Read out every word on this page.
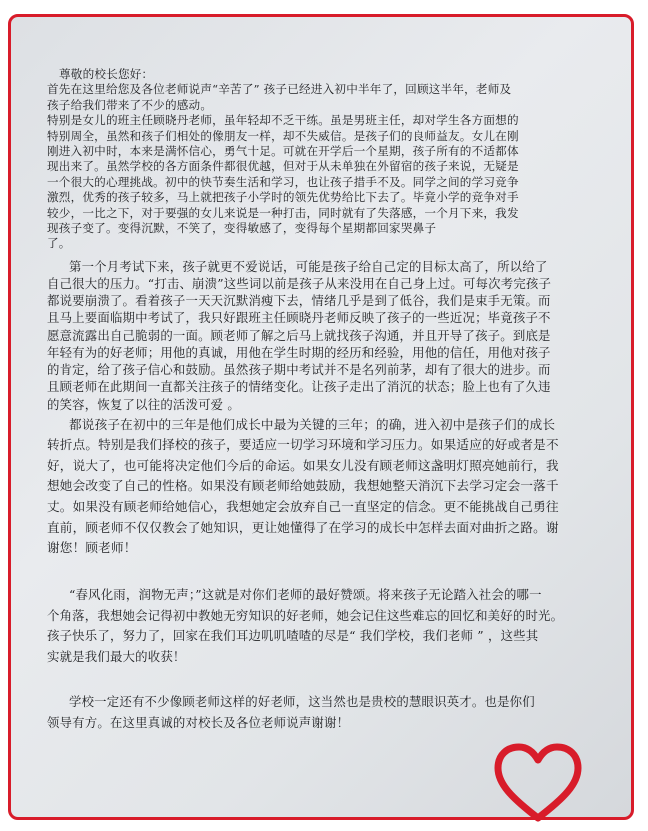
尊敬的校长您好：
首先在这里给您及各位老师说声“辛苦了” 孩子已经进入初中半年了，回顾这半年，老师及
孩子给我们带来了不少的感动。
特别是女儿的班主任顾晓丹老师，虽年轻却不乏干练。虽是男班主任，却对学生各方面想的
特别周全，虽然和孩子们相处的像朋友一样，却不失威信。是孩子们的良师益友。女儿在刚
刚进入初中时，本来是满怀信心，勇气十足。可就在开学后一个星期，孩子所有的不适都体
现出来了。虽然学校的各方面条件都很优越，但对于从未单独在外留宿的孩子来说，无疑是
一个很大的心理挑战。初中的快节奏生活和学习，也让孩子措手不及。同学之间的学习竞争
激烈，优秀的孩子较多，马上就把孩子小学时的领先优势给比下去了。毕竟小学的竞争对手
较少，一比之下，对于要强的女儿来说是一种打击，同时就有了失落感，一个月下来，我发
现孩子变了。变得沉默，不笑了，变得敏感了，变得每个星期都回家哭鼻子
了。
第一个月考试下来，孩子就更不爱说话，可能是孩子给自己定的目标太高了，所以给了
自己很大的压力。“打击、崩溃”这些词以前是孩子从来没用在自己身上过。可每次考完孩子
都说要崩溃了。看着孩子一天天沉默消瘦下去，情绪几乎是到了低谷，我们是束手无策。而
且马上要面临期中考试了，我只好跟班主任顾晓丹老师反映了孩子的一些近况；毕竟孩子不
愿意流露出自己脆弱的一面。顾老师了解之后马上就找孩子沟通，并且开导了孩子。到底是
年轻有为的好老师；用他的真诚，用他在学生时期的经历和经验，用他的信任，用他对孩子
的肯定，给了孩子信心和鼓励。虽然孩子期中考试并不是名列前茅，却有了很大的进步。而
且顾老师在此期间一直都关注孩子的情绪变化。让孩子走出了消沉的状态；脸上也有了久违
的笑容，恢复了以往的活泼可爱 。
都说孩子在初中的三年是他们成长中最为关键的三年；的确，进入初中是孩子们的成长
转折点。特别是我们择校的孩子，要适应一切学习环境和学习压力。如果适应的好或者是不
好，说大了，也可能将决定他们今后的命运。如果女儿没有顾老师这盏明灯照亮她前行，我
想她会改变了自己的性格。如果没有顾老师给她鼓励，我想她整天消沉下去学习定会一落千
丈。如果没有顾老师给她信心，我想她定会放弃自己一直坚定的信念。更不能挑战自己勇往
直前，顾老师不仅仅教会了她知识，更让她懂得了在学习的成长中怎样去面对曲折之路。谢
谢您！顾老师！
“春风化雨，润物无声；”这就是对你们老师的最好赞颂。将来孩子无论踏入社会的哪一
个角落，我想她会记得初中教她无穷知识的好老师，她会记住这些难忘的回忆和美好的时光。
孩子快乐了，努力了，回家在我们耳边叽叽喳喳的尽是“ 我们学校，我们老师 ” ，这些其
实就是我们最大的收获！
学校一定还有不少像顾老师这样的好老师，这当然也是贵校的慧眼识英才。也是你们
领导有方。在这里真诚的对校长及各位老师说声谢谢！
